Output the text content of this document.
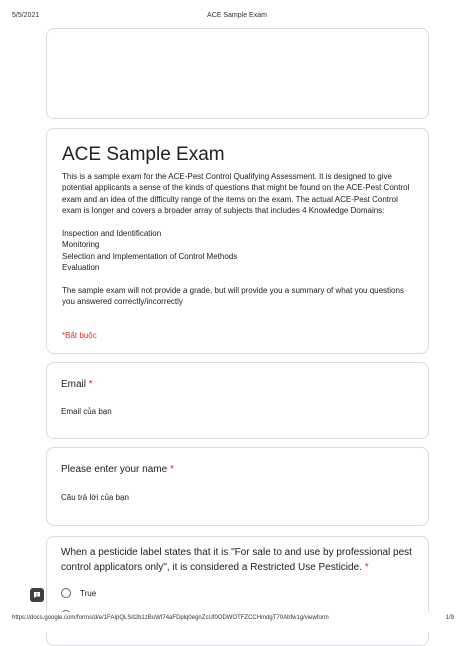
5/5/2021	ACE Sample Exam
ACE Sample Exam

This is a sample exam for the ACE-Pest Control Qualifying Assessment. It is designed to give potential applicants a sense of the kinds of questions that might be found on the ACE-Pest Control exam and an idea of the difficulty range of the items on the exam. The actual ACE-Pest Control exam is longer and covers a broader array of subjects that includes 4 Knowledge Domains:

Inspection and Identification

Monitoring

Selection and Implementation of Control Methods

Evaluation

The sample exam will not provide a grade, but will provide you a summary of what you questions you answered correctly/incorrectly

*Bắt buộc
Email *
Email của bạn
Please enter your name *
Câu trả lời của bạn
When a pesticide label states that it is "For sale to and use by professional pest control applicators only", it is considered a Restricted Use Pesticide. *
True
https://docs.google.com/forms/d/e/1FAIpQLSd2b1zBuWt74aFDplq0egnZcUf0ODWOTFZCCHmdgT70Abfw1g/viewform	1/9
